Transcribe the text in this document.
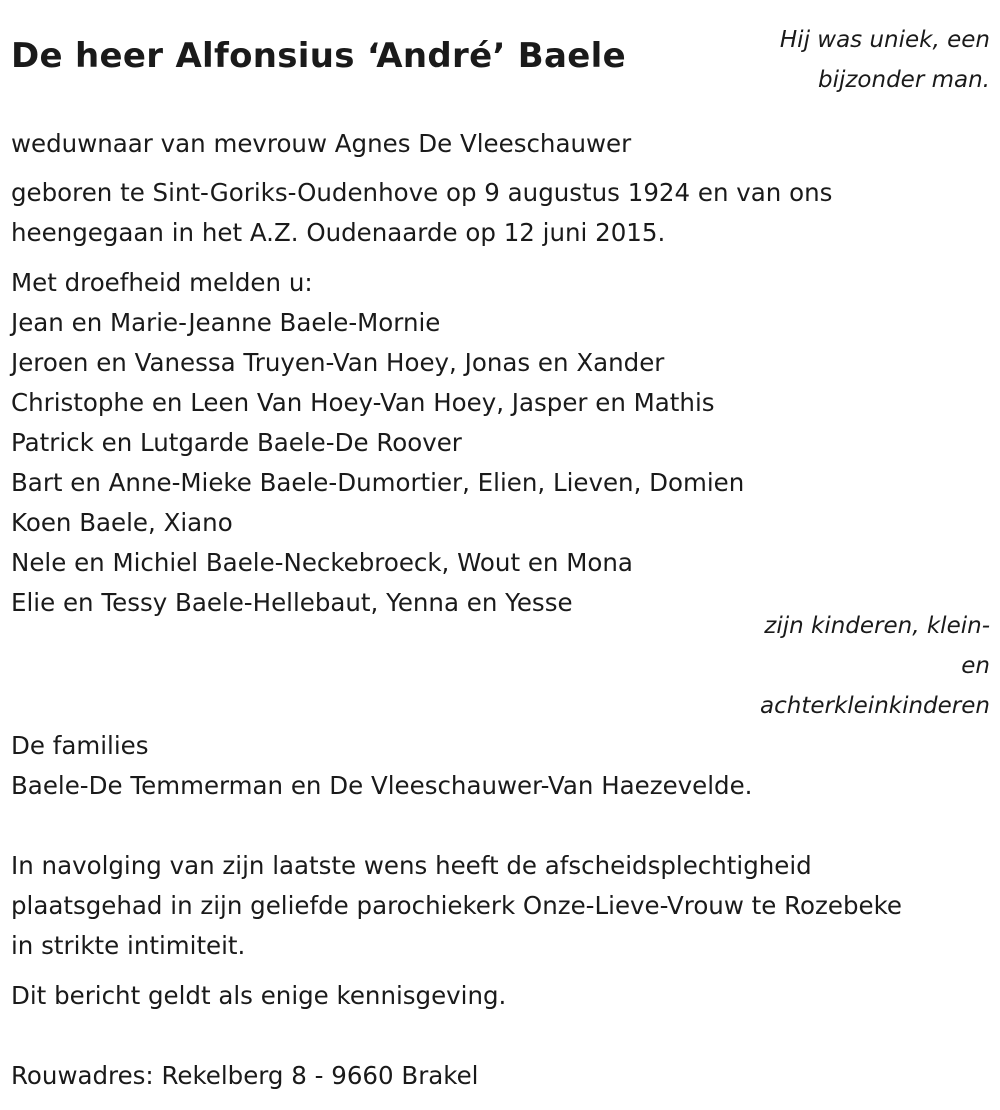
De heer Alfonsius ‘André’ Baele	Hij was uniek, een
bijzonder man.

weduwnaar van mevrouw Agnes De Vleeschauwer

geboren te Sint-Goriks-Oudenhove op 9 augustus 1924 en van ons

heengegaan in het A.Z. Oudenaarde op 12 juni 2015.

Met droefheid melden u:

Jean en Marie-Jeanne Baele-Mornie

Jeroen en Vanessa Truyen-Van Hoey, Jonas en Xander

Christophe en Leen Van Hoey-Van Hoey, Jasper en Mathis

Patrick en Lutgarde Baele-De Roover

Bart en Anne-Mieke Baele-Dumortier, Elien, Lieven, Domien

Koen Baele, Xiano

Nele en Michiel Baele-Neckebroeck, Wout en Mona

Elie en Tessy Baele-Hellebaut, Yenna en Yesse

zijn kinderen, klein-
en
achterkleinkinderen

De families

Baele-De Temmerman en De Vleeschauwer-Van Haezevelde.

In navolging van zijn laatste wens heeft de afscheidsplechtigheid

plaatsgehad in zijn geliefde parochiekerk Onze-Lieve-Vrouw te Rozebeke

in strikte intimiteit.

Dit bericht geldt als enige kennisgeving.

Rouwadres: Rekelberg 8 - 9660 Brakel
